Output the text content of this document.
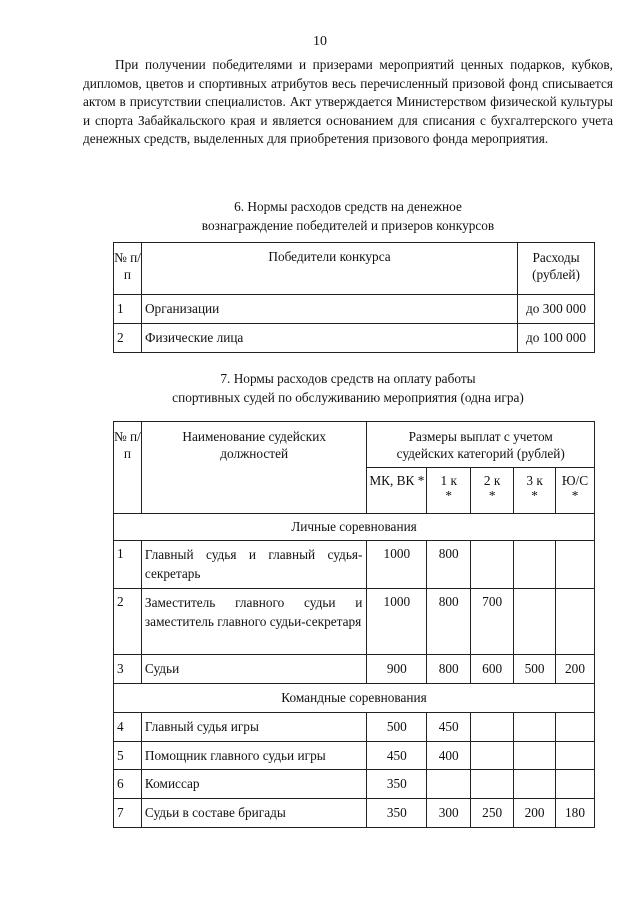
10

При получении победителями и призерами мероприятий ценных подарков, кубков, дипломов, цветов и спортивных атрибутов весь перечисленный призовой фонд списывается актом в присутствии специалистов. Акт утверждается Министерством физической культуры и спорта Забайкальского края и является основанием для списания с бухгалтерского учета денежных средств, выделенных для приобретения призового фонда мероприятия.

6. Нормы расходов средств на денежное
вознаграждение победителей и призеров конкурсов
№ п/п	Победители конкурса	Расходы (рублей)
1	Организации	до 300 000
2	Физические лица	до 100 000
7. Нормы расходов средств на оплату работы
спортивных судей по обслуживанию мероприятия (одна игра)
№ п/п	Наименование судейских должностей	Размеры выплат с учетом судейских категорий (рублей)				
		МК, ВК *	1 к *	2 к *	3 к *	Ю/С *
Личные соревнования						
1	Главный судья и главный судья-секретарь	1000	800			
2	Заместитель главного судьи и заместитель главного судьи-секретаря	1000	800	700		
3	Судьи	900	800	600	500	200
Командные соревнования						
4	Главный судья игры	500	450			
5	Помощник главного судьи игры	450	400			
6	Комиссар	350				
7	Судьи в составе бригады	350	300	250	200	180
